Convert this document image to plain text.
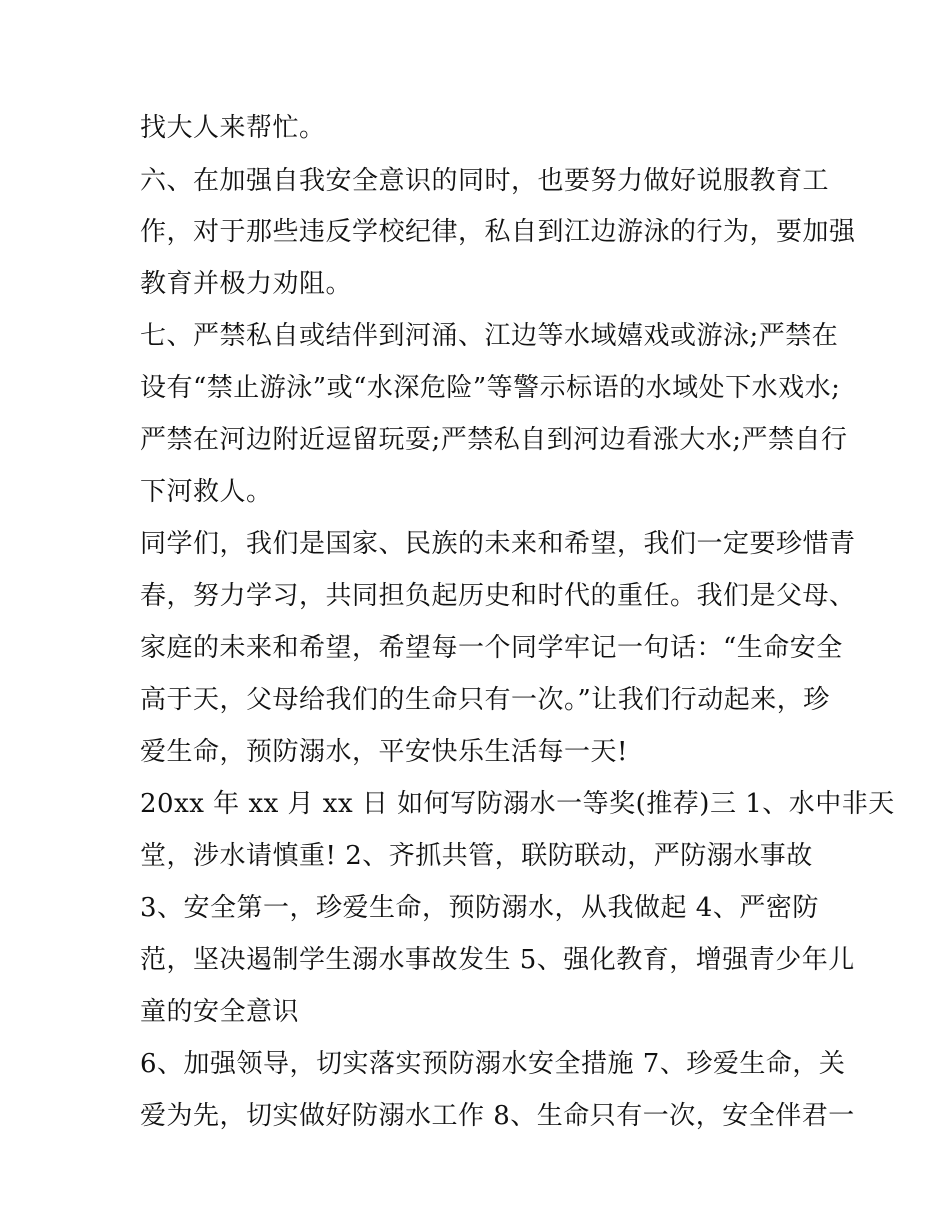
找大人来帮忙。
六、在加强自我安全意识的同时，也要努力做好说服教育工
作，对于那些违反学校纪律，私自到江边游泳的行为，要加强
教育并极力劝阻。
七、严禁私自或结伴到河涌、江边等水域嬉戏或游泳;严禁在
设有“禁止游泳”或“水深危险”等警示标语的水域处下水戏水;
严禁在河边附近逗留玩耍;严禁私自到河边看涨大水;严禁自行
下河救人。
同学们，我们是国家、民族的未来和希望，我们一定要珍惜青
春，努力学习，共同担负起历史和时代的重任。我们是父母、
家庭的未来和希望，希望每一个同学牢记一句话：“生命安全
高于天，父母给我们的生命只有一次。”让我们行动起来，珍
爱生命，预防溺水，平安快乐生活每一天!
20xx 年 xx 月 xx 日 如何写防溺水一等奖(推荐)三 1、水中非天
堂，涉水请慎重! 2、齐抓共管，联防联动，严防溺水事故
3、安全第一，珍爱生命，预防溺水，从我做起 4、严密防
范，坚决遏制学生溺水事故发生 5、强化教育，增强青少年儿
童的安全意识
6、加强领导，切实落实预防溺水安全措施 7、珍爱生命，关
爱为先，切实做好防溺水工作 8、生命只有一次，安全伴君一
